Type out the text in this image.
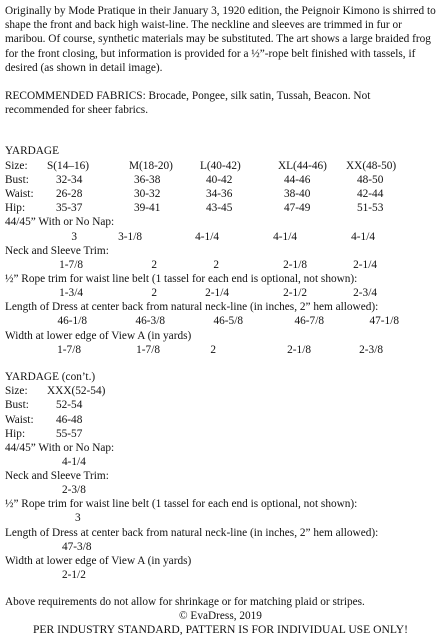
Originally by Mode Pratique in their January 3, 1920 edition, the Peignoir Kimono is shirred to shape the front and back high waist-line. The neckline and sleeves are trimmed in fur or maribou. Of course, synthetic materials may be substituted. The art shows a large braided frog for the front closing, but information is provided for a ½”-rope belt finished with tassels, if desired (as shown in detail image).

RECOMMENDED FABRICS: Brocade, Pongee, silk satin, Tussah, Beacon. Not recommended for sheer fabrics.

YARDAGE

Size:	S(14–16)	M(18-20)	L(40-42)	XL(44-46)	XX(48-50)
Bust:	32-34	36-38	40-42	44-46	48-50
Waist:	26-28	30-32	34-36	38-40	42-44
Hip:	35-37	39-41	43-45	47-49	51-53

44/45” With or No Nap:

3	3-1/8	4-1/4	4-1/4	4-1/4

Neck and Sleeve Trim:

1-7/8	2	2	2-1/8	2-1/4

½” Rope trim for waist line belt (1 tassel for each end is optional, not shown):

1-3/4	2	2-1/4	2-1/2	2-3/4

Length of Dress at center back from natural neck-line (in inches, 2” hem allowed):

46-1/8	46-3/8	46-5/8	46-7/8	47-1/8

Width at lower edge of View A (in yards)

1-7/8	1-7/8	2	2-1/8	2-3/8

YARDAGE (con’t.)

Size:	XXX(52-54)
Bust:	52-54
Waist:	46-48
Hip:	55-57

44/45” With or No Nap:

4-1/4

Neck and Sleeve Trim:

2-3/8

½” Rope trim for waist line belt (1 tassel for each end is optional, not shown):

3

Length of Dress at center back from natural neck-line (in inches, 2” hem allowed):

47-3/8

Width at lower edge of View A (in yards)

2-1/2

Above requirements do not allow for shrinkage or for matching plaid or stripes.

© EvaDress, 2019

PER INDUSTRY STANDARD, PATTERN IS FOR INDIVIDUAL USE ONLY!
